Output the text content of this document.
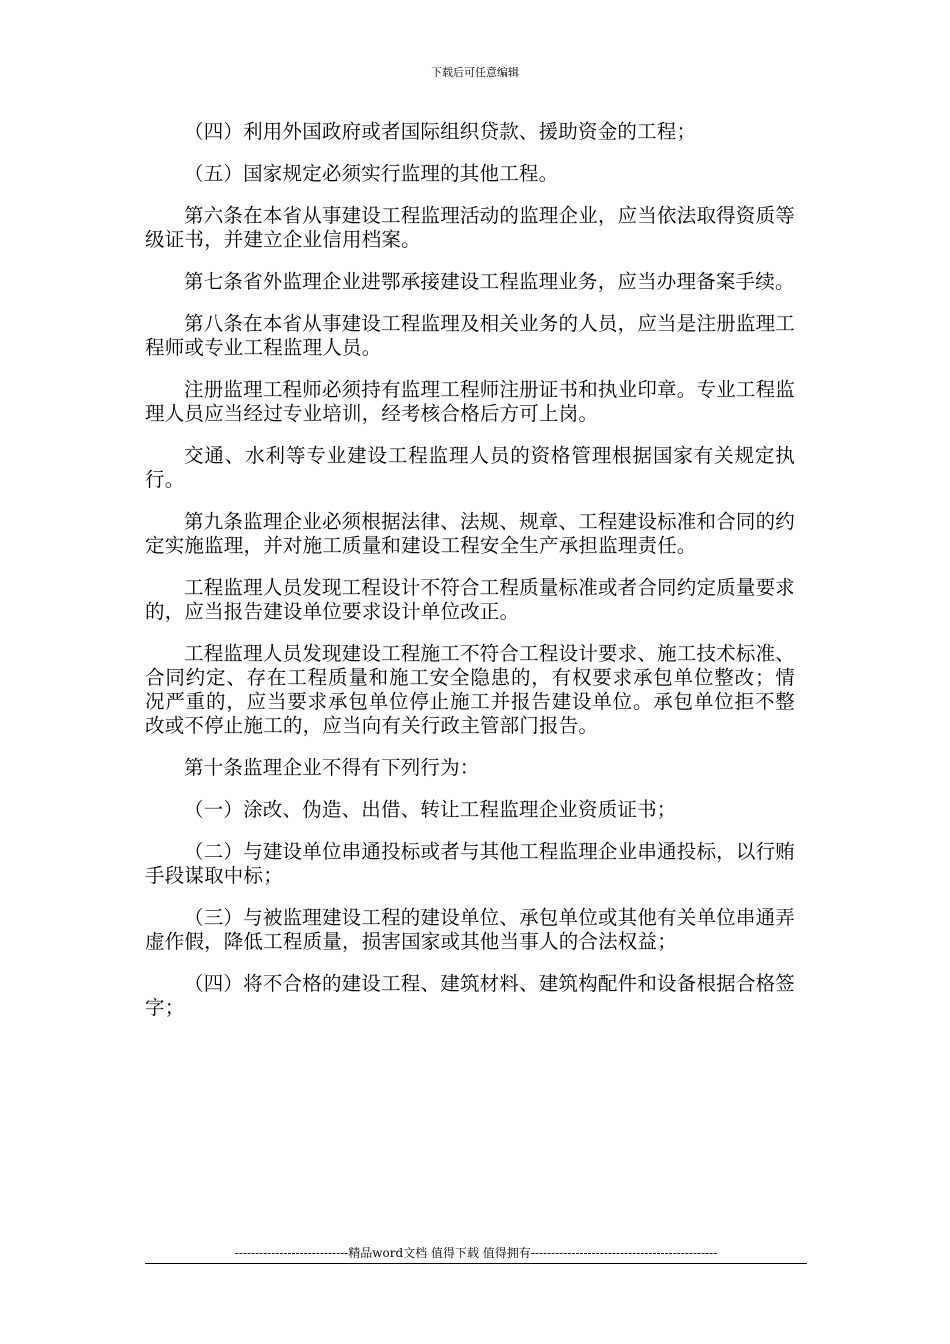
下载后可任意编辑

（四）利用外国政府或者国际组织贷款、援助资金的工程；

（五）国家规定必须实行监理的其他工程。

第六条在本省从事建设工程监理活动的监理企业，应当依法取得资质等级证书，并建立企业信用档案。

第七条省外监理企业进鄂承接建设工程监理业务，应当办理备案手续。

第八条在本省从事建设工程监理及相关业务的人员，应当是注册监理工程师或专业工程监理人员。

注册监理工程师必须持有监理工程师注册证书和执业印章。专业工程监理人员应当经过专业培训，经考核合格后方可上岗。

交通、水利等专业建设工程监理人员的资格管理根据国家有关规定执行。

第九条监理企业必须根据法律、法规、规章、工程建设标准和合同的约定实施监理，并对施工质量和建设工程安全生产承担监理责任。

工程监理人员发现工程设计不符合工程质量标准或者合同约定质量要求的，应当报告建设单位要求设计单位改正。

工程监理人员发现建设工程施工不符合工程设计要求、施工技术标准、合同约定、存在工程质量和施工安全隐患的，有权要求承包单位整改；情况严重的，应当要求承包单位停止施工并报告建设单位。承包单位拒不整改或不停止施工的，应当向有关行政主管部门报告。

第十条监理企业不得有下列行为：

（一）涂改、伪造、出借、转让工程监理企业资质证书；

（二）与建设单位串通投标或者与其他工程监理企业串通投标，以行贿手段谋取中标；

（三）与被监理建设工程的建设单位、承包单位或其他有关单位串通弄虚作假，降低工程质量，损害国家或其他当事人的合法权益；

（四）将不合格的建设工程、建筑材料、建筑构配件和设备根据合格签字；

----------------------------精品word文档 值得下载 值得拥有----------------------------------------------
